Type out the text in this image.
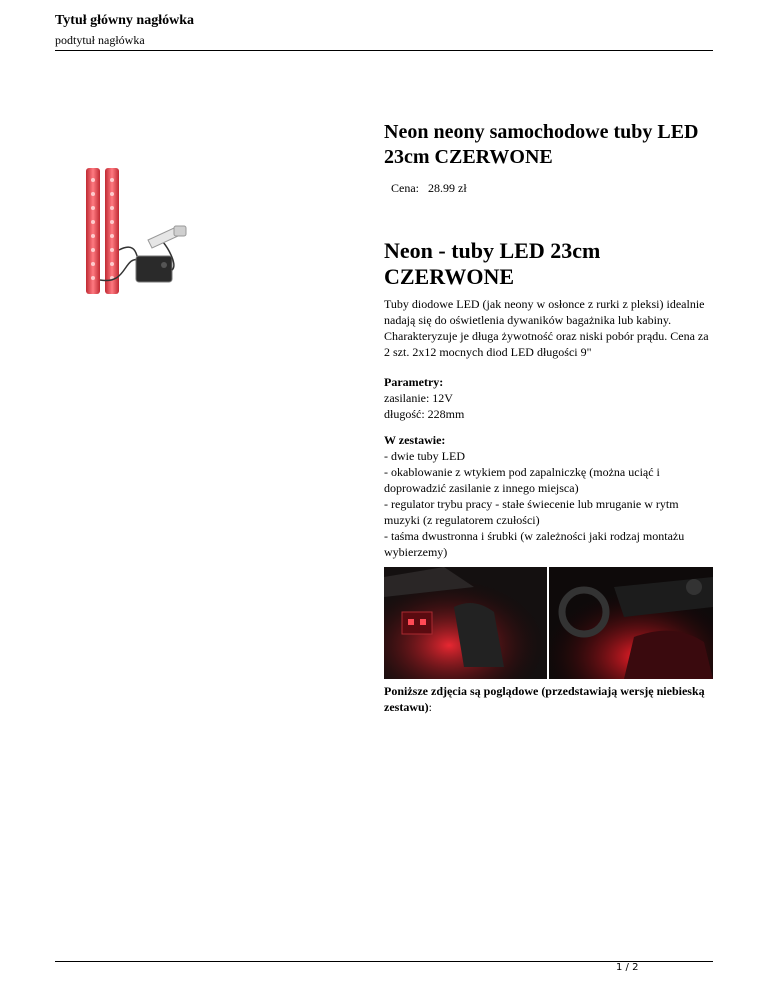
Tytuł główny nagłówka
podtytuł nagłówka
Neon neony samochodowe tuby LED 23cm CZERWONE
Cena: 28.99 zł
Neon - tuby LED 23cm CZERWONE
Tuby diodowe LED (jak neony w osłonce z rurki z pleksi) idealnie nadają się do oświetlenia dywaników bagażnika lub kabiny. Charakteryzuje je długa żywotność oraz niski pobór prądu. Cena za 2 szt. 2x12 mocnych diod LED długości 9"
Parametry:
zasilanie: 12V
długość: 228mm
W zestawie:
- dwie tuby LED
- okablowanie z wtykiem pod zapalniczkę (można uciąć i doprowadzić zasilanie z innego miejsca)
- regulator trybu pracy - stałe świecenie lub mruganie w rytm muzyki (z regulatorem czułości)
- taśma dwustronna i śrubki (w zależności jaki rodzaj montażu wybierzemy)
Poniższe zdjęcia są poglądowe (przedstawiają wersję niebieską zestawu):
1 / 2
